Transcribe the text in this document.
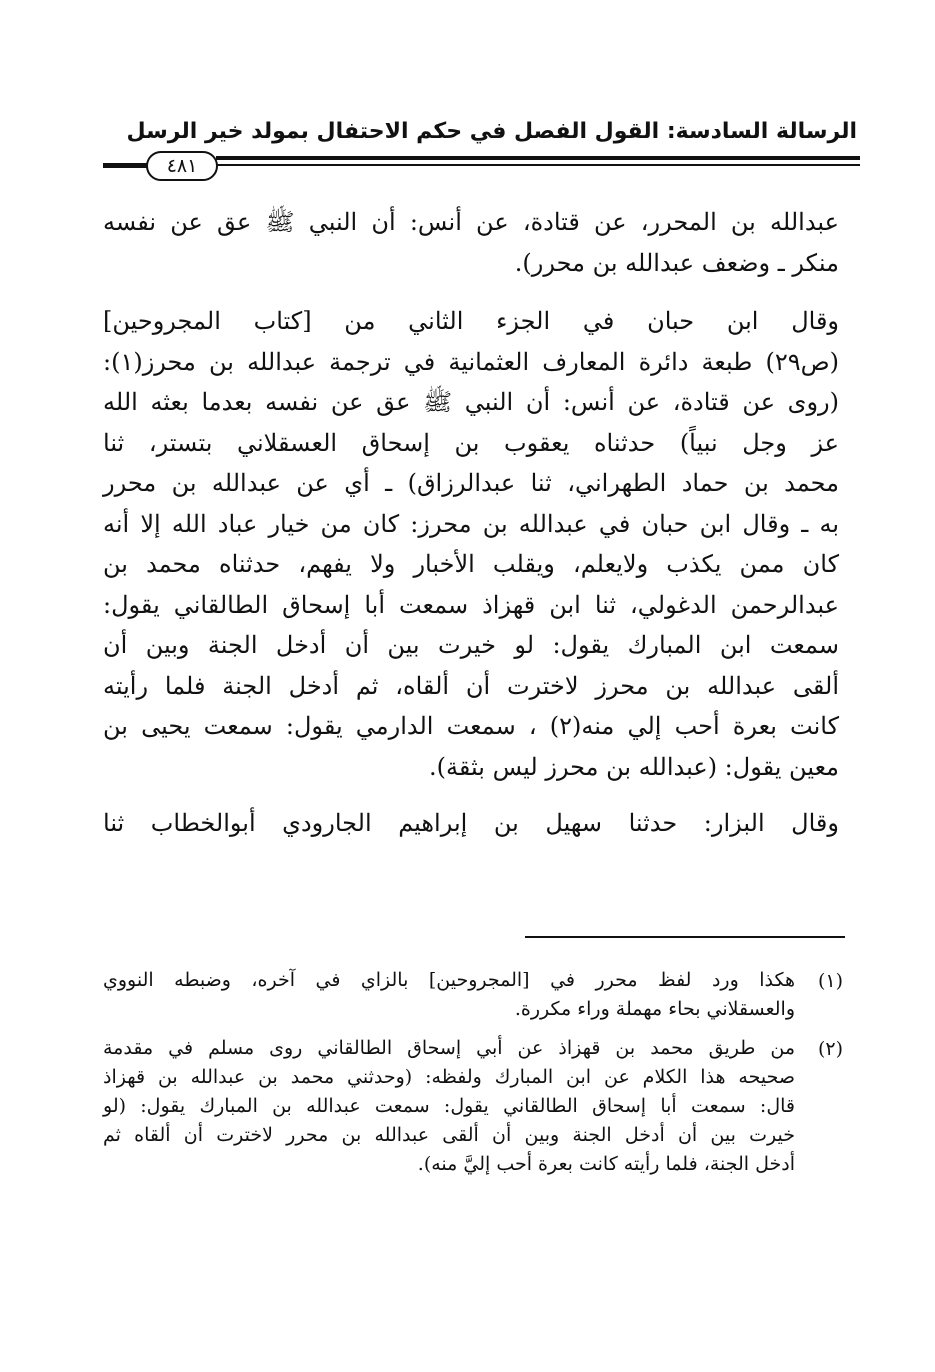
الرسالة السادسة: القول الفصل في حكم الاحتفال بمولد خير الرسل
٤٨١
عبدالله بن المحرر، عن قتادة، عن أنس: أن النبي ﷺ عق عن نفسه
منكر ـ وضعف عبدالله بن محرر).
وقال ابن حبان في الجزء الثاني من [كتاب المجروحين]
(ص٢٩) طبعة دائرة المعارف العثمانية في ترجمة عبدالله بن محرز(١):
(روى عن قتادة، عن أنس: أن النبي ﷺ عق عن نفسه بعدما بعثه الله
عز وجل نبياً) حدثناه يعقوب بن إسحاق العسقلاني بتستر، ثنا
محمد بن حماد الطهراني، ثنا عبدالرزاق) ـ أي عن عبدالله بن محرر
به ـ وقال ابن حبان في عبدالله بن محرز: كان من خيار عباد الله إلا أنه
كان ممن يكذب ولايعلم، ويقلب الأخبار ولا يفهم، حدثناه محمد بن
عبدالرحمن الدغولي، ثنا ابن قهزاذ سمعت أبا إسحاق الطالقاني يقول:
سمعت ابن المبارك يقول: لو خيرت بين أن أدخل الجنة وبين أن
ألقى عبدالله بن محرز لاخترت أن ألقاه، ثم أدخل الجنة فلما رأيته
كانت بعرة أحب إلي منه(٢) ، سمعت الدارمي يقول: سمعت يحيى بن
معين يقول: (عبدالله بن محرز ليس بثقة).
وقال البزار: حدثنا سهيل بن إبراهيم الجارودي أبوالخطاب ثنا
(١)
هكذا ورد لفظ محرر في [المجروحين] بالزاي في آخره، وضبطه النووي
والعسقلاني بحاء مهملة وراء مكررة.
(٢)
من طريق محمد بن قهزاذ عن أبي إسحاق الطالقاني روى مسلم في مقدمة
صحيحه هذا الكلام عن ابن المبارك ولفظه: (وحدثني محمد بن عبدالله بن قهزاذ
قال: سمعت أبا إسحاق الطالقاني يقول: سمعت عبدالله بن المبارك يقول: (لو
خيرت بين أن أدخل الجنة وبين أن ألقى عبدالله بن محرر لاخترت أن ألقاه ثم
أدخل الجنة، فلما رأيته كانت بعرة أحب إليَّ منه).
